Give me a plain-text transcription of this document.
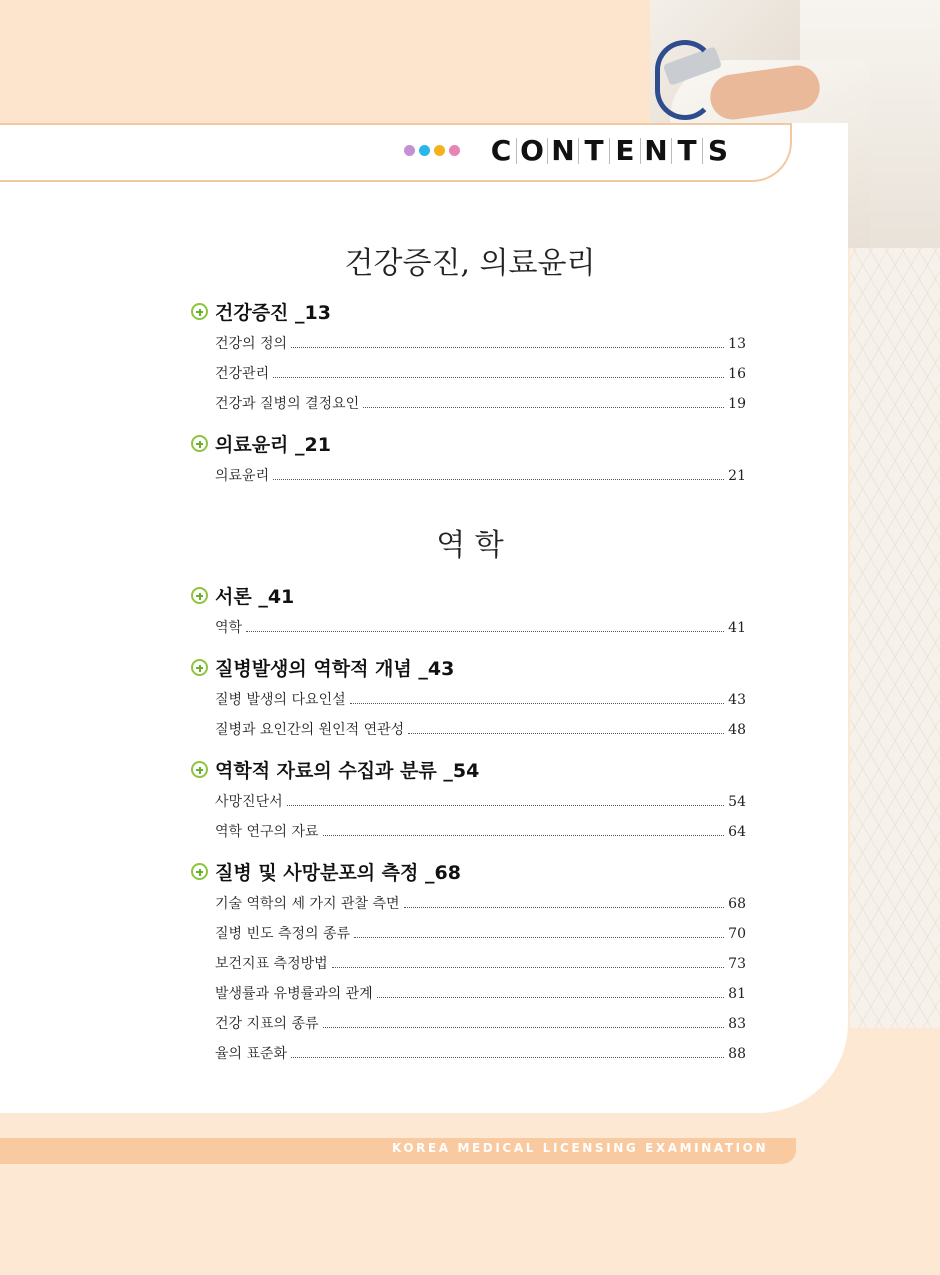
C O N T E N T S
건강증진, 의료윤리
건강증진 _13
건강의 정의	13
건강관리	16
건강과 질병의 결정요인	19
의료윤리 _21
의료윤리	21
역 학
서론 _41
역학	41
질병발생의 역학적 개념 _43
질병 발생의 다요인설	43
질병과 요인간의 원인적 연관성	48
역학적 자료의 수집과 분류 _54
사망진단서	54
역학 연구의 자료	64
질병 및 사망분포의 측정 _68
기술 역학의 세 가지 관찰 측면	68
질병 빈도 측정의 종류	70
보건지표 측정방법	73
발생률과 유병률과의 관계	81
건강 지표의 종류	83
율의 표준화	88
KOREA MEDICAL LICENSING EXAMINATION
